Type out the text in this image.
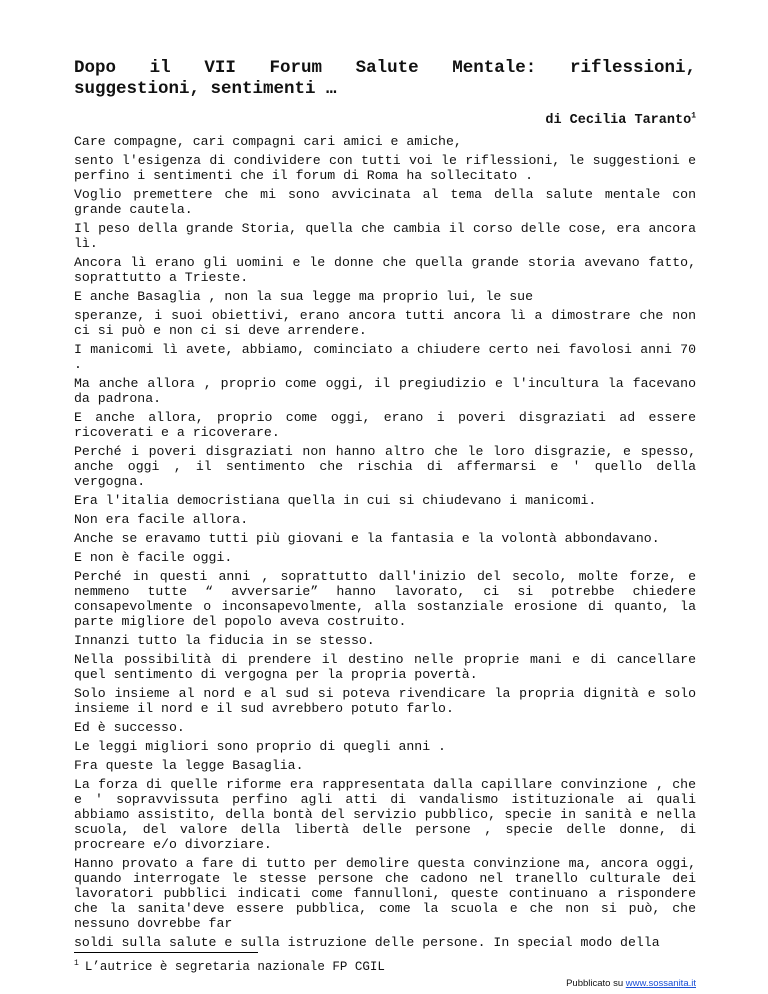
Dopo il VII Forum Salute Mentale: riflessioni,
suggestioni, sentimenti …
di Cecilia Taranto$^1$

Care compagne, cari compagni cari amici e amiche,

sento l'esigenza di condividere con tutti voi le riflessioni, le suggestioni e perfino i sentimenti che il forum di Roma ha sollecitato .

Voglio premettere che mi sono avvicinata al tema della salute mentale con grande cautela.

Il peso della grande Storia, quella che cambia il corso delle cose, era ancora lì.

Ancora lì erano gli uomini e le donne che quella grande storia avevano fatto, soprattutto a Trieste.

E anche Basaglia , non la sua legge ma proprio lui, le sue

speranze, i suoi obiettivi, erano ancora tutti ancora lì a dimostrare che non ci si può e non ci si deve arrendere.

I manicomi lì avete, abbiamo, cominciato a chiudere certo nei favolosi anni 70 .

Ma anche allora , proprio come oggi, il pregiudizio e l'incultura la facevano da padrona.

E anche allora, proprio come oggi, erano i poveri disgraziati ad essere ricoverati e a ricoverare.

Perché i poveri disgraziati non hanno altro che le loro disgrazie, e spesso, anche oggi , il sentimento che rischia di affermarsi e ' quello della vergogna.

Era l'italia democristiana quella in cui si chiudevano i manicomi.

Non era facile allora.

Anche se eravamo tutti più giovani e la fantasia e la volontà abbondavano.

E non è facile oggi.

Perché in questi anni , soprattutto dall'inizio del secolo, molte forze, e nemmeno tutte “ avversarie” hanno lavorato, ci si potrebbe chiedere consapevolmente o inconsapevolmente, alla sostanziale erosione di quanto, la parte migliore del popolo aveva costruito.

Innanzi tutto la fiducia in se stesso.

Nella possibilità di prendere il destino nelle proprie mani e di cancellare quel sentimento di vergogna per la propria povertà.

Solo insieme al nord e al sud si poteva rivendicare la propria dignità e solo insieme il nord e il sud avrebbero potuto farlo.

Ed è successo.

Le leggi migliori sono proprio di quegli anni .

Fra queste la legge Basaglia.

La forza di quelle riforme era rappresentata dalla capillare convinzione , che e ' sopravvissuta perfino agli atti di vandalismo istituzionale ai quali abbiamo assistito, della bontà del servizio pubblico, specie in sanità e nella scuola, del valore della libertà delle persone , specie delle donne, di procreare e/o divorziare.

Hanno provato a fare di tutto per demolire questa convinzione ma, ancora oggi, quando interrogate le stesse persone che cadono nel tranello culturale dei lavoratori pubblici indicati come fannulloni, queste continuano a rispondere che la sanita'deve essere pubblica, come la scuola e che non si può, che nessuno dovrebbe far

soldi sulla salute e sulla istruzione delle persone. In special modo della

$^1$ L’autrice è segretaria nazionale FP CGIL
Pubblicato su www.sossanita.it
